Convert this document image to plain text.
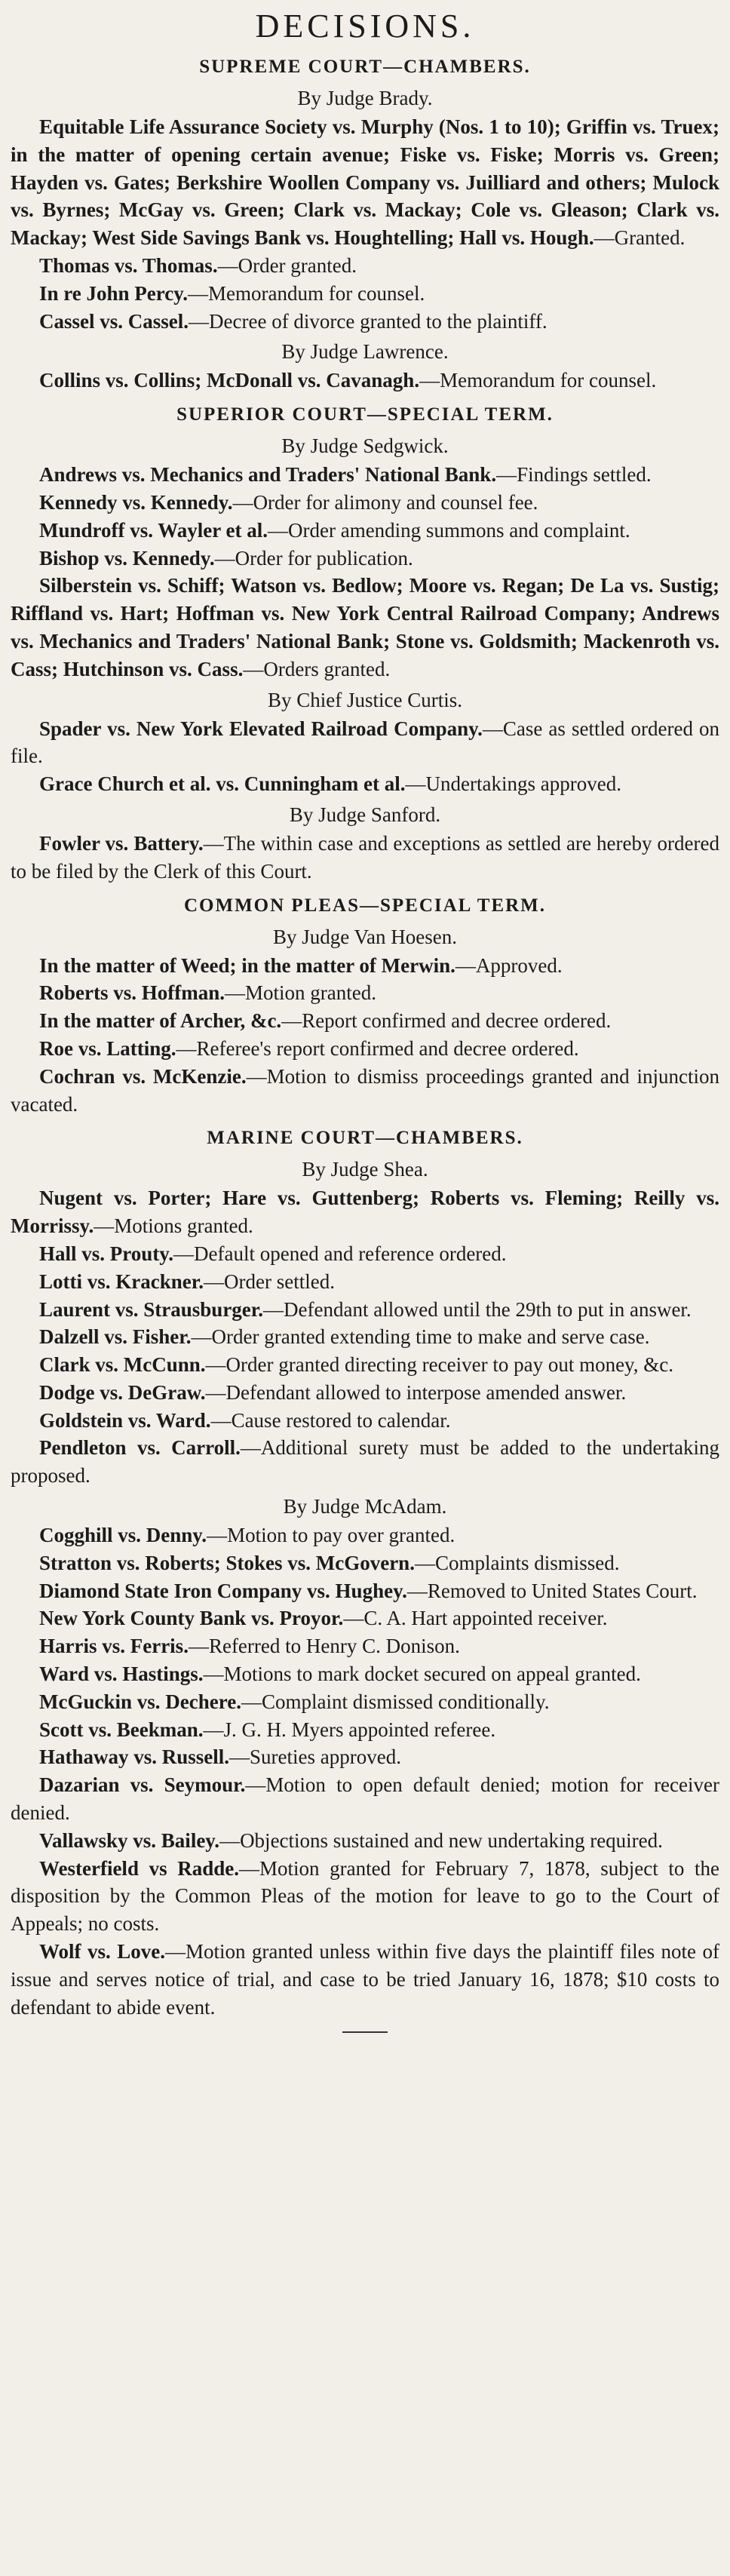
DECISIONS.
SUPREME COURT—CHAMBERS.
By Judge Brady.

Equitable Life Assurance Society vs. Murphy (Nos. 1 to 10); Griffin vs. Truex; in the matter of opening certain avenue; Fiske vs. Fiske; Morris vs. Green; Hayden vs. Gates; Berkshire Woollen Company vs. Juilliard and others; Mulock vs. Byrnes; McGay vs. Green; Clark vs. Mackay; Cole vs. Gleason; Clark vs. Mackay; West Side Savings Bank vs. Houghtelling; Hall vs. Hough.—Granted.

Thomas vs. Thomas.—Order granted.

In re John Percy.—Memorandum for counsel.

Cassel vs. Cassel.—Decree of divorce granted to the plaintiff.

By Judge Lawrence.

Collins vs. Collins; McDonall vs. Cavanagh.—Memorandum for counsel.

SUPERIOR COURT—SPECIAL TERM.
By Judge Sedgwick.

Andrews vs. Mechanics and Traders' National Bank.—Findings settled.

Kennedy vs. Kennedy.—Order for alimony and counsel fee.

Mundroff vs. Wayler et al.—Order amending summons and complaint.

Bishop vs. Kennedy.—Order for publication.

Silberstein vs. Schiff; Watson vs. Bedlow; Moore vs. Regan; De La vs. Sustig; Riffland vs. Hart; Hoffman vs. New York Central Railroad Company; Andrews vs. Mechanics and Traders' National Bank; Stone vs. Goldsmith; Mackenroth vs. Cass; Hutchinson vs. Cass.—Orders granted.

By Chief Justice Curtis.

Spader vs. New York Elevated Railroad Company.—Case as settled ordered on file.

Grace Church et al. vs. Cunningham et al.—Undertakings approved.

By Judge Sanford.

Fowler vs. Battery.—The within case and exceptions as settled are hereby ordered to be filed by the Clerk of this Court.

COMMON PLEAS—SPECIAL TERM.
By Judge Van Hoesen.

In the matter of Weed; in the matter of Merwin.—Approved.

Roberts vs. Hoffman.—Motion granted.

In the matter of Archer, &c.—Report confirmed and decree ordered.

Roe vs. Latting.—Referee's report confirmed and decree ordered.

Cochran vs. McKenzie.—Motion to dismiss proceedings granted and injunction vacated.

MARINE COURT—CHAMBERS.
By Judge Shea.

Nugent vs. Porter; Hare vs. Guttenberg; Roberts vs. Fleming; Reilly vs. Morrissy.—Motions granted.

Hall vs. Prouty.—Default opened and reference ordered.

Lotti vs. Krackner.—Order settled.

Laurent vs. Strausburger.—Defendant allowed until the 29th to put in answer.

Dalzell vs. Fisher.—Order granted extending time to make and serve case.

Clark vs. McCunn.—Order granted directing receiver to pay out money, &c.

Dodge vs. DeGraw.—Defendant allowed to interpose amended answer.

Goldstein vs. Ward.—Cause restored to calendar.

Pendleton vs. Carroll.—Additional surety must be added to the undertaking proposed.

By Judge McAdam.

Cogghill vs. Denny.—Motion to pay over granted.

Stratton vs. Roberts; Stokes vs. McGovern.—Complaints dismissed.

Diamond State Iron Company vs. Hughey.—Removed to United States Court.

New York County Bank vs. Proyor.—C. A. Hart appointed receiver.

Harris vs. Ferris.—Referred to Henry C. Donison.

Ward vs. Hastings.—Motions to mark docket secured on appeal granted.

McGuckin vs. Dechere.—Complaint dismissed conditionally.

Scott vs. Beekman.—J. G. H. Myers appointed referee.

Hathaway vs. Russell.—Sureties approved.

Dazarian vs. Seymour.—Motion to open default denied; motion for receiver denied.

Vallawsky vs. Bailey.—Objections sustained and new undertaking required.

Westerfield vs Radde.—Motion granted for February 7, 1878, subject to the disposition by the Common Pleas of the motion for leave to go to the Court of Appeals; no costs.

Wolf vs. Love.—Motion granted unless within five days the plaintiff files note of issue and serves notice of trial, and case to be tried January 16, 1878; $10 costs to defendant to abide event.
